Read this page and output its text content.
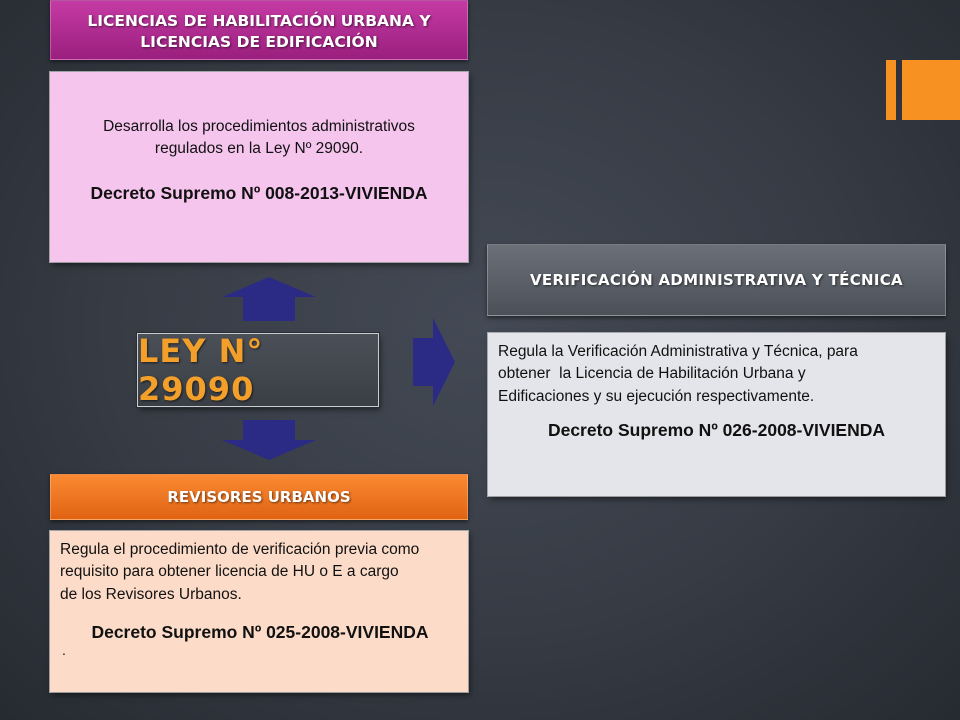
LICENCIAS DE HABILITACIÓN URBANA Y
LICENCIAS DE EDIFICACIÓN
Desarrolla los procedimientos administrativos
regulados en la Ley Nº 29090.
Decreto Supremo Nº 008-2013-VIVIENDA
LEY N° 29090
VERIFICACIÓN ADMINISTRATIVA Y TÉCNICA
Regula la Verificación Administrativa y Técnica, para
obtener  la Licencia de Habilitación Urbana y
Edificaciones y su ejecución respectivamente.
Decreto Supremo Nº 026-2008-VIVIENDA
REVISORES URBANOS
Regula el procedimiento de verificación previa como
requisito para obtener licencia de HU o E a cargo
de los Revisores Urbanos.
Decreto Supremo Nº 025-2008-VIVIENDA
.
